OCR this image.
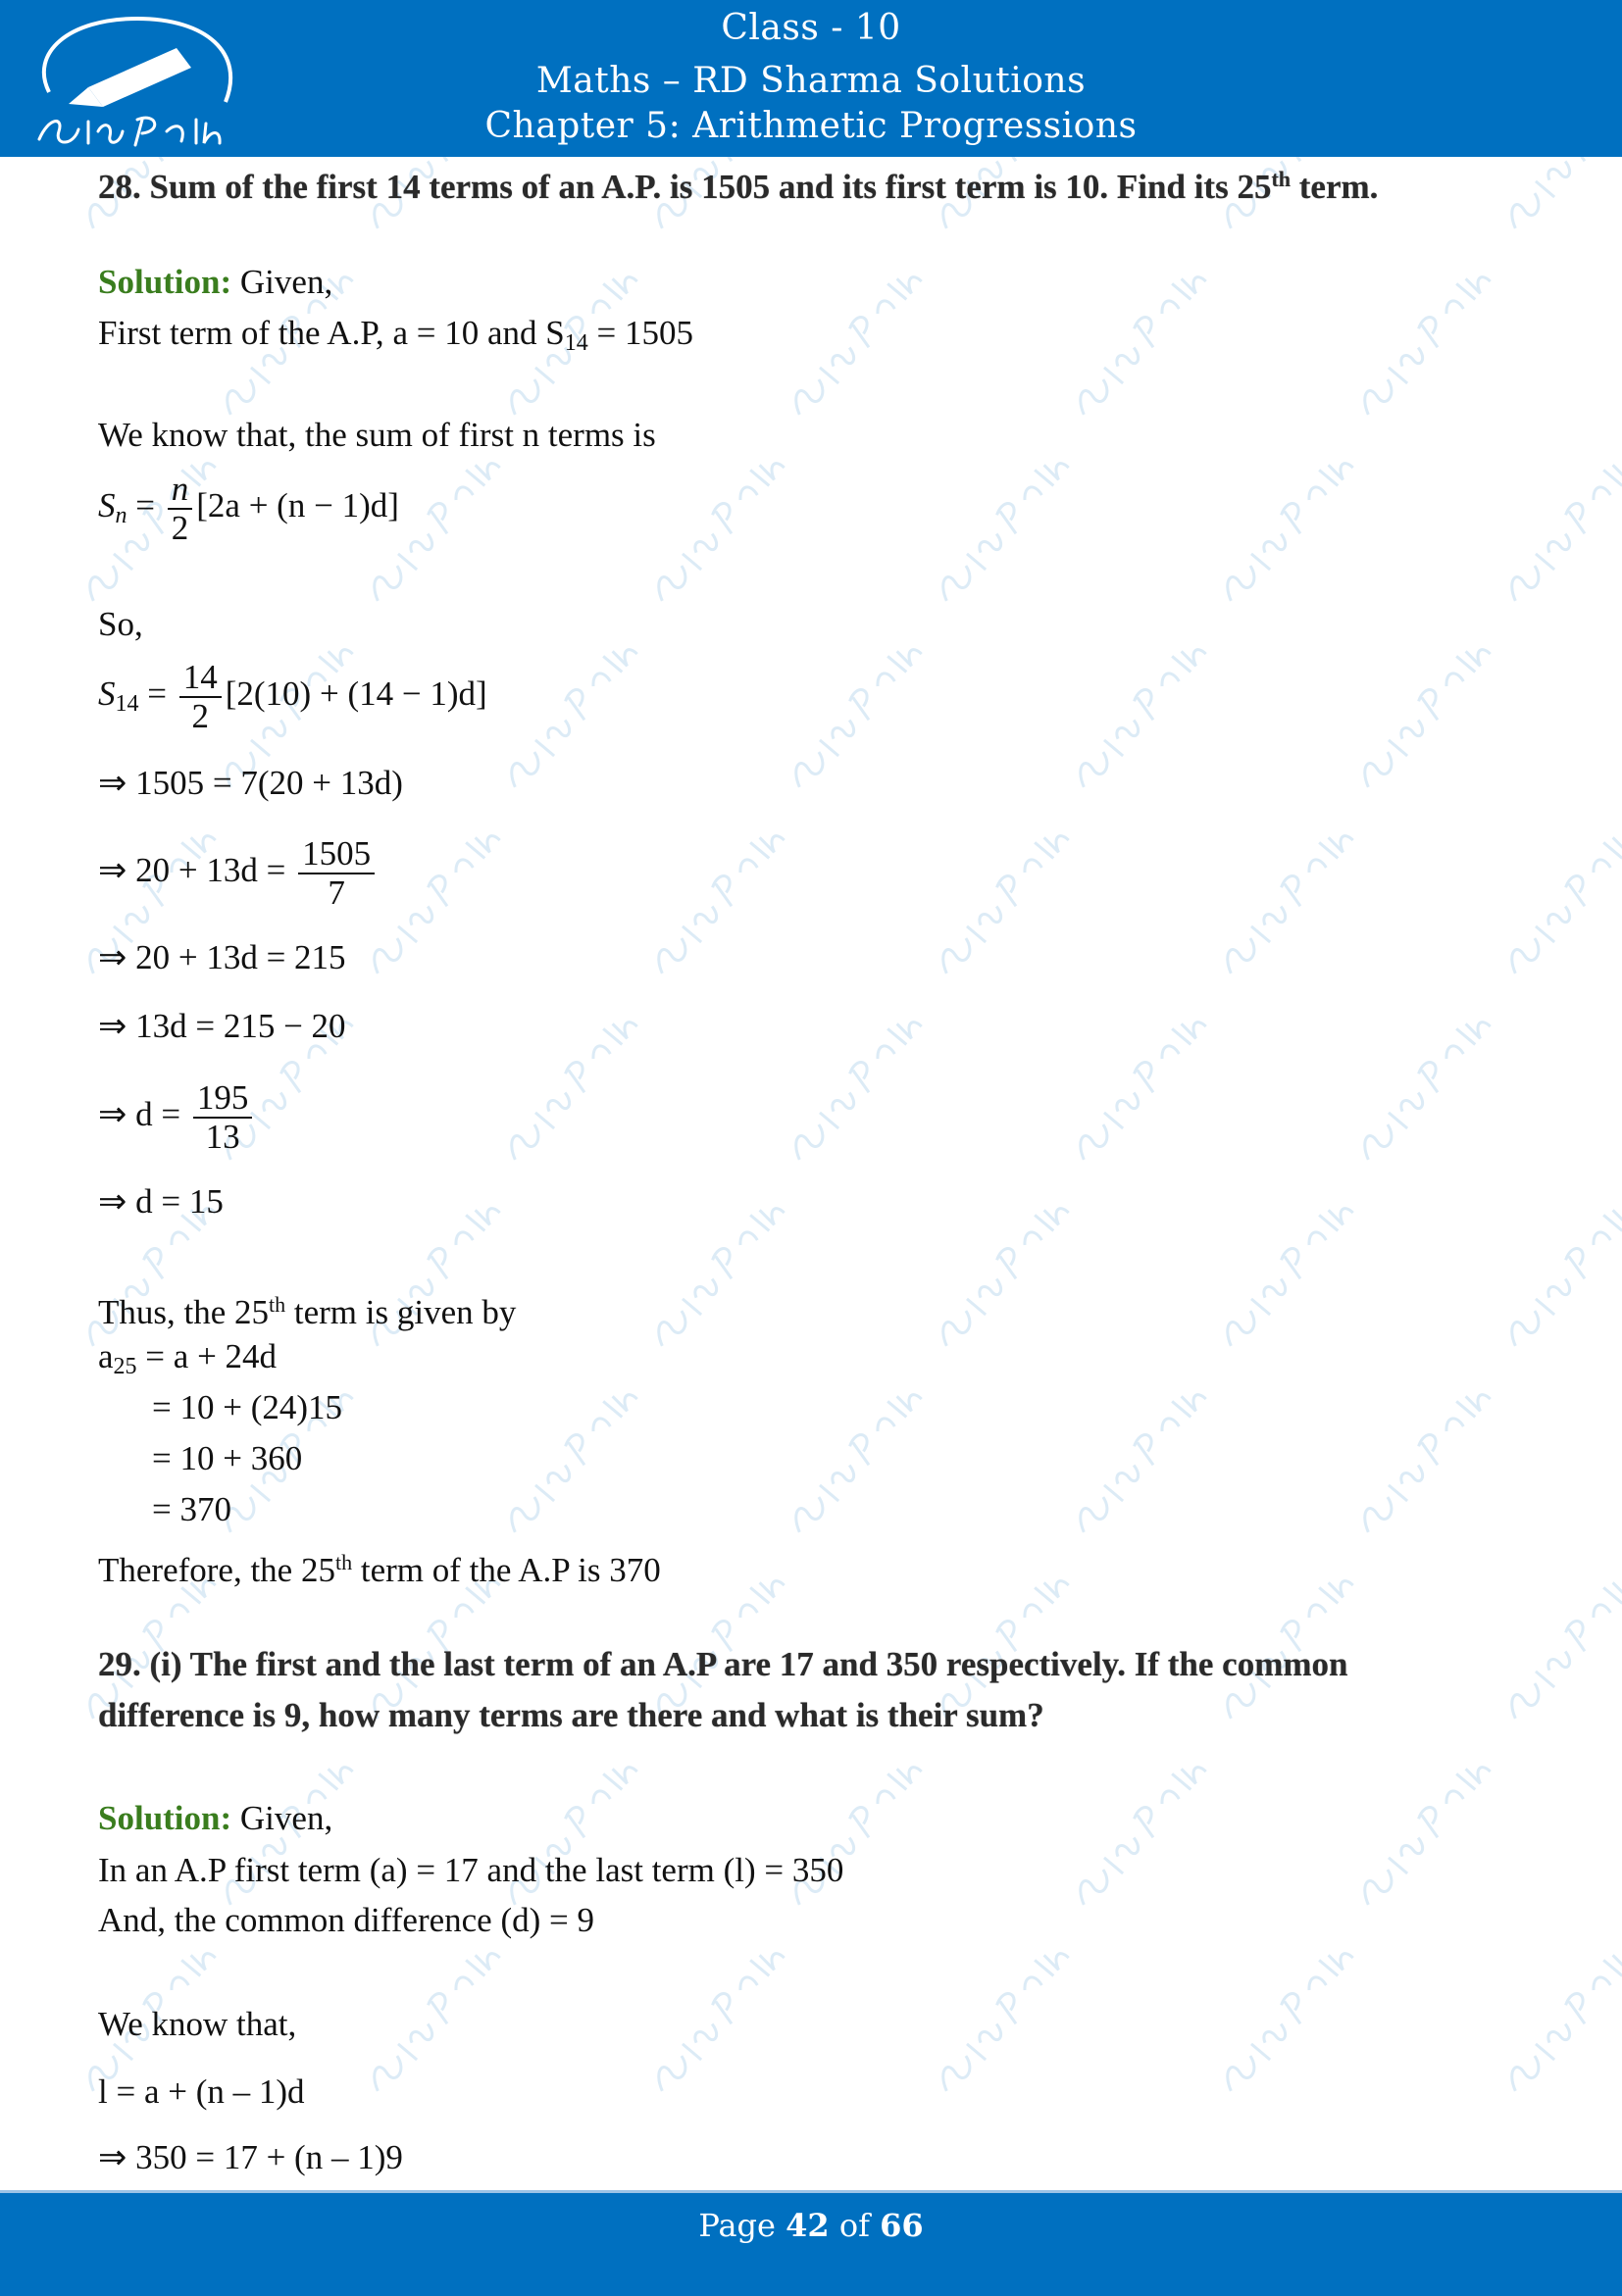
Class - 10
Maths – RD Sharma Solutions
Chapter 5: Arithmetic Progressions
28. Sum of the first 14 terms of an A.P. is 1505 and its first term is 10. Find its 25th term.
Solution: Given,
First term of the A.P, a = 10 and $S_{14} = 1505$
We know that, the sum of first n terms is
$S_n = \frac{n}{2} [2a + (n - 1)d]$
So,
$S_{14} = \frac{14}{2} [2(10) + (14 - 1)d]$
⇒ 1505 = 7(20 + 13d)
⇒ $20 + 13d = \frac{1505}{7}$
⇒ 20 + 13d = 215
⇒ 13d = 215 − 20
⇒ $d = \frac{195}{13}$
⇒ d = 15
Thus, the 25th term is given by
$a_{25} = a + 24d$
= 10 + (24)15
= 10 + 360
= 370
Therefore, the 25th term of the A.P is 370
29. (i) The first and the last term of an A.P are 17 and 350 respectively. If the common
difference is 9, how many terms are there and what is their sum?
Solution: Given,
In an A.P first term (a) = 17 and the last term (l) = 350
And, the common difference (d) = 9
We know that,
l = a + (n – 1)d
⇒ 350 = 17 + (n – 1)9
Page 42 of 66
